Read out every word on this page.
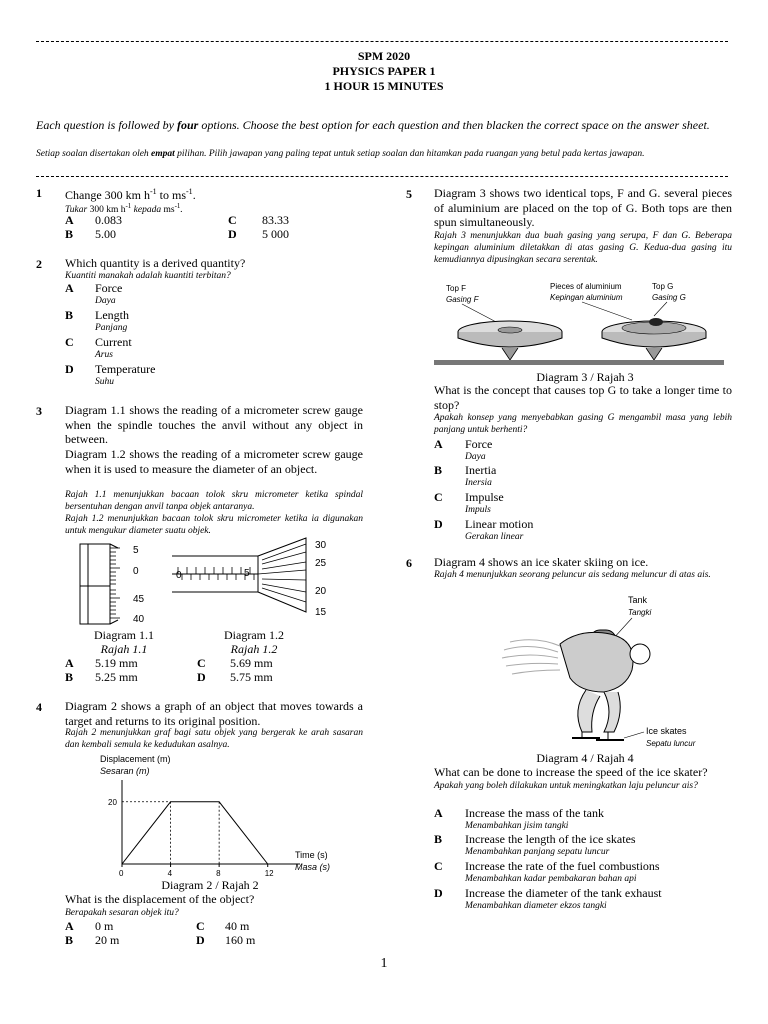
SPM 2020
PHYSICS PAPER 1
1 HOUR 15 MINUTES
Each question is followed by four options. Choose the best option for each question and then blacken the correct space on the answer sheet.
Setiap soalan disertakan oleh empat pilihan. Pilih jawapan yang paling tepat untuk setiap soalan dan hitamkan pada ruangan yang betul pada kertas jawapan.
1 Change 300 km $h^{-1}$ to $ms^{-1}$.
Tukar 300 km $h^{-1}$ kepada $ms^{-1}$.
A 0.083
B 5.00
C 83.33
D 5 000
2 Which quantity is a derived quantity?
Kuantiti manakah adalah kuantiti terbitan?
A Force
Daya
B Length
Panjang
C Current
Arus
D Temperature
Suhu
3 Diagram 1.1 shows the reading of a micrometer screw gauge when the spindle touches the anvil without any object in between.
Diagram 1.2 shows the reading of a micrometer screw gauge when it is used to measure the diameter of an object.
Rajah 1.1 menunjukkan bacaan tolok skru micrometer ketika spindal bersentuhan dengan anvil tanpa objek antaranya.
Rajah 1.2 menunjukkan bacaan tolok skru micrometer ketika ia digunakan untuk mengukur diameter suatu objek.
5
0
45
40
0	5
30
25
20
15
Diagram 1.1
Rajah 1.1
Diagram 1.2
Rajah 1.2
A 5.19 mm
B 5.25 mm
C 5.69 mm
D 5.75 mm
4 Diagram 2 shows a graph of an object that moves towards a target and returns to its original position.
Rajah 2 menunjukkan graf bagi satu objek yang bergerak ke arah sasaran dan kembali semula ke kedudukan asalnya.
Displacement (m)
Sesaran (m)
0	4	8	12
20
Time (s)
Masa (s)
Diagram 2 / Rajah 2
What is the displacement of the object?
Berapakah sesaran objek itu?
A 0 m
B 20 m
C 40 m
D 160 m
5 Diagram 3 shows two identical tops, F and G. several pieces of aluminium are placed on the top of G. Both tops are then spun simultaneously.
Rajah 3 menunjukkan dua buah gasing yang serupa, F dan G. Beberapa kepingan aluminium diletakkan di atas gasing G. Kedua-dua gasing itu kemudiannya dipusingkan secara serentak.
Top F
Gasing F
Pieces of aluminium
Kepingan aluminium
Top G
Gasing G
Diagram 3 / Rajah 3
What is the concept that causes top G to take a longer time to stop?
Apakah konsep yang menyebabkan gasing G mengambil masa yang lebih panjang untuk berhenti?
A Force
Daya
B Inertia
Inersia
C Impulse
Impuls
D Linear motion
Gerakan linear
6 Diagram 4 shows an ice skater skiing on ice.
Rajah 4 menunjukkan seorang peluncur ais sedang meluncur di atas ais.
Tank
Tangki
Ice skates
Sepatu luncur
Diagram 4 / Rajah 4
What can be done to increase the speed of the ice skater?
Apakah yang boleh dilakukan untuk meningkatkan laju peluncur ais?
A Increase the mass of the tank
Menambahkan jisim tangki
B Increase the length of the ice skates
Menambahkan panjang sepatu luncur
C Increase the rate of the fuel combustions
Menambahkan kadar pembakaran bahan api
D Increase the diameter of the tank exhaust
Menambahkan diameter ekzos tangki
1
